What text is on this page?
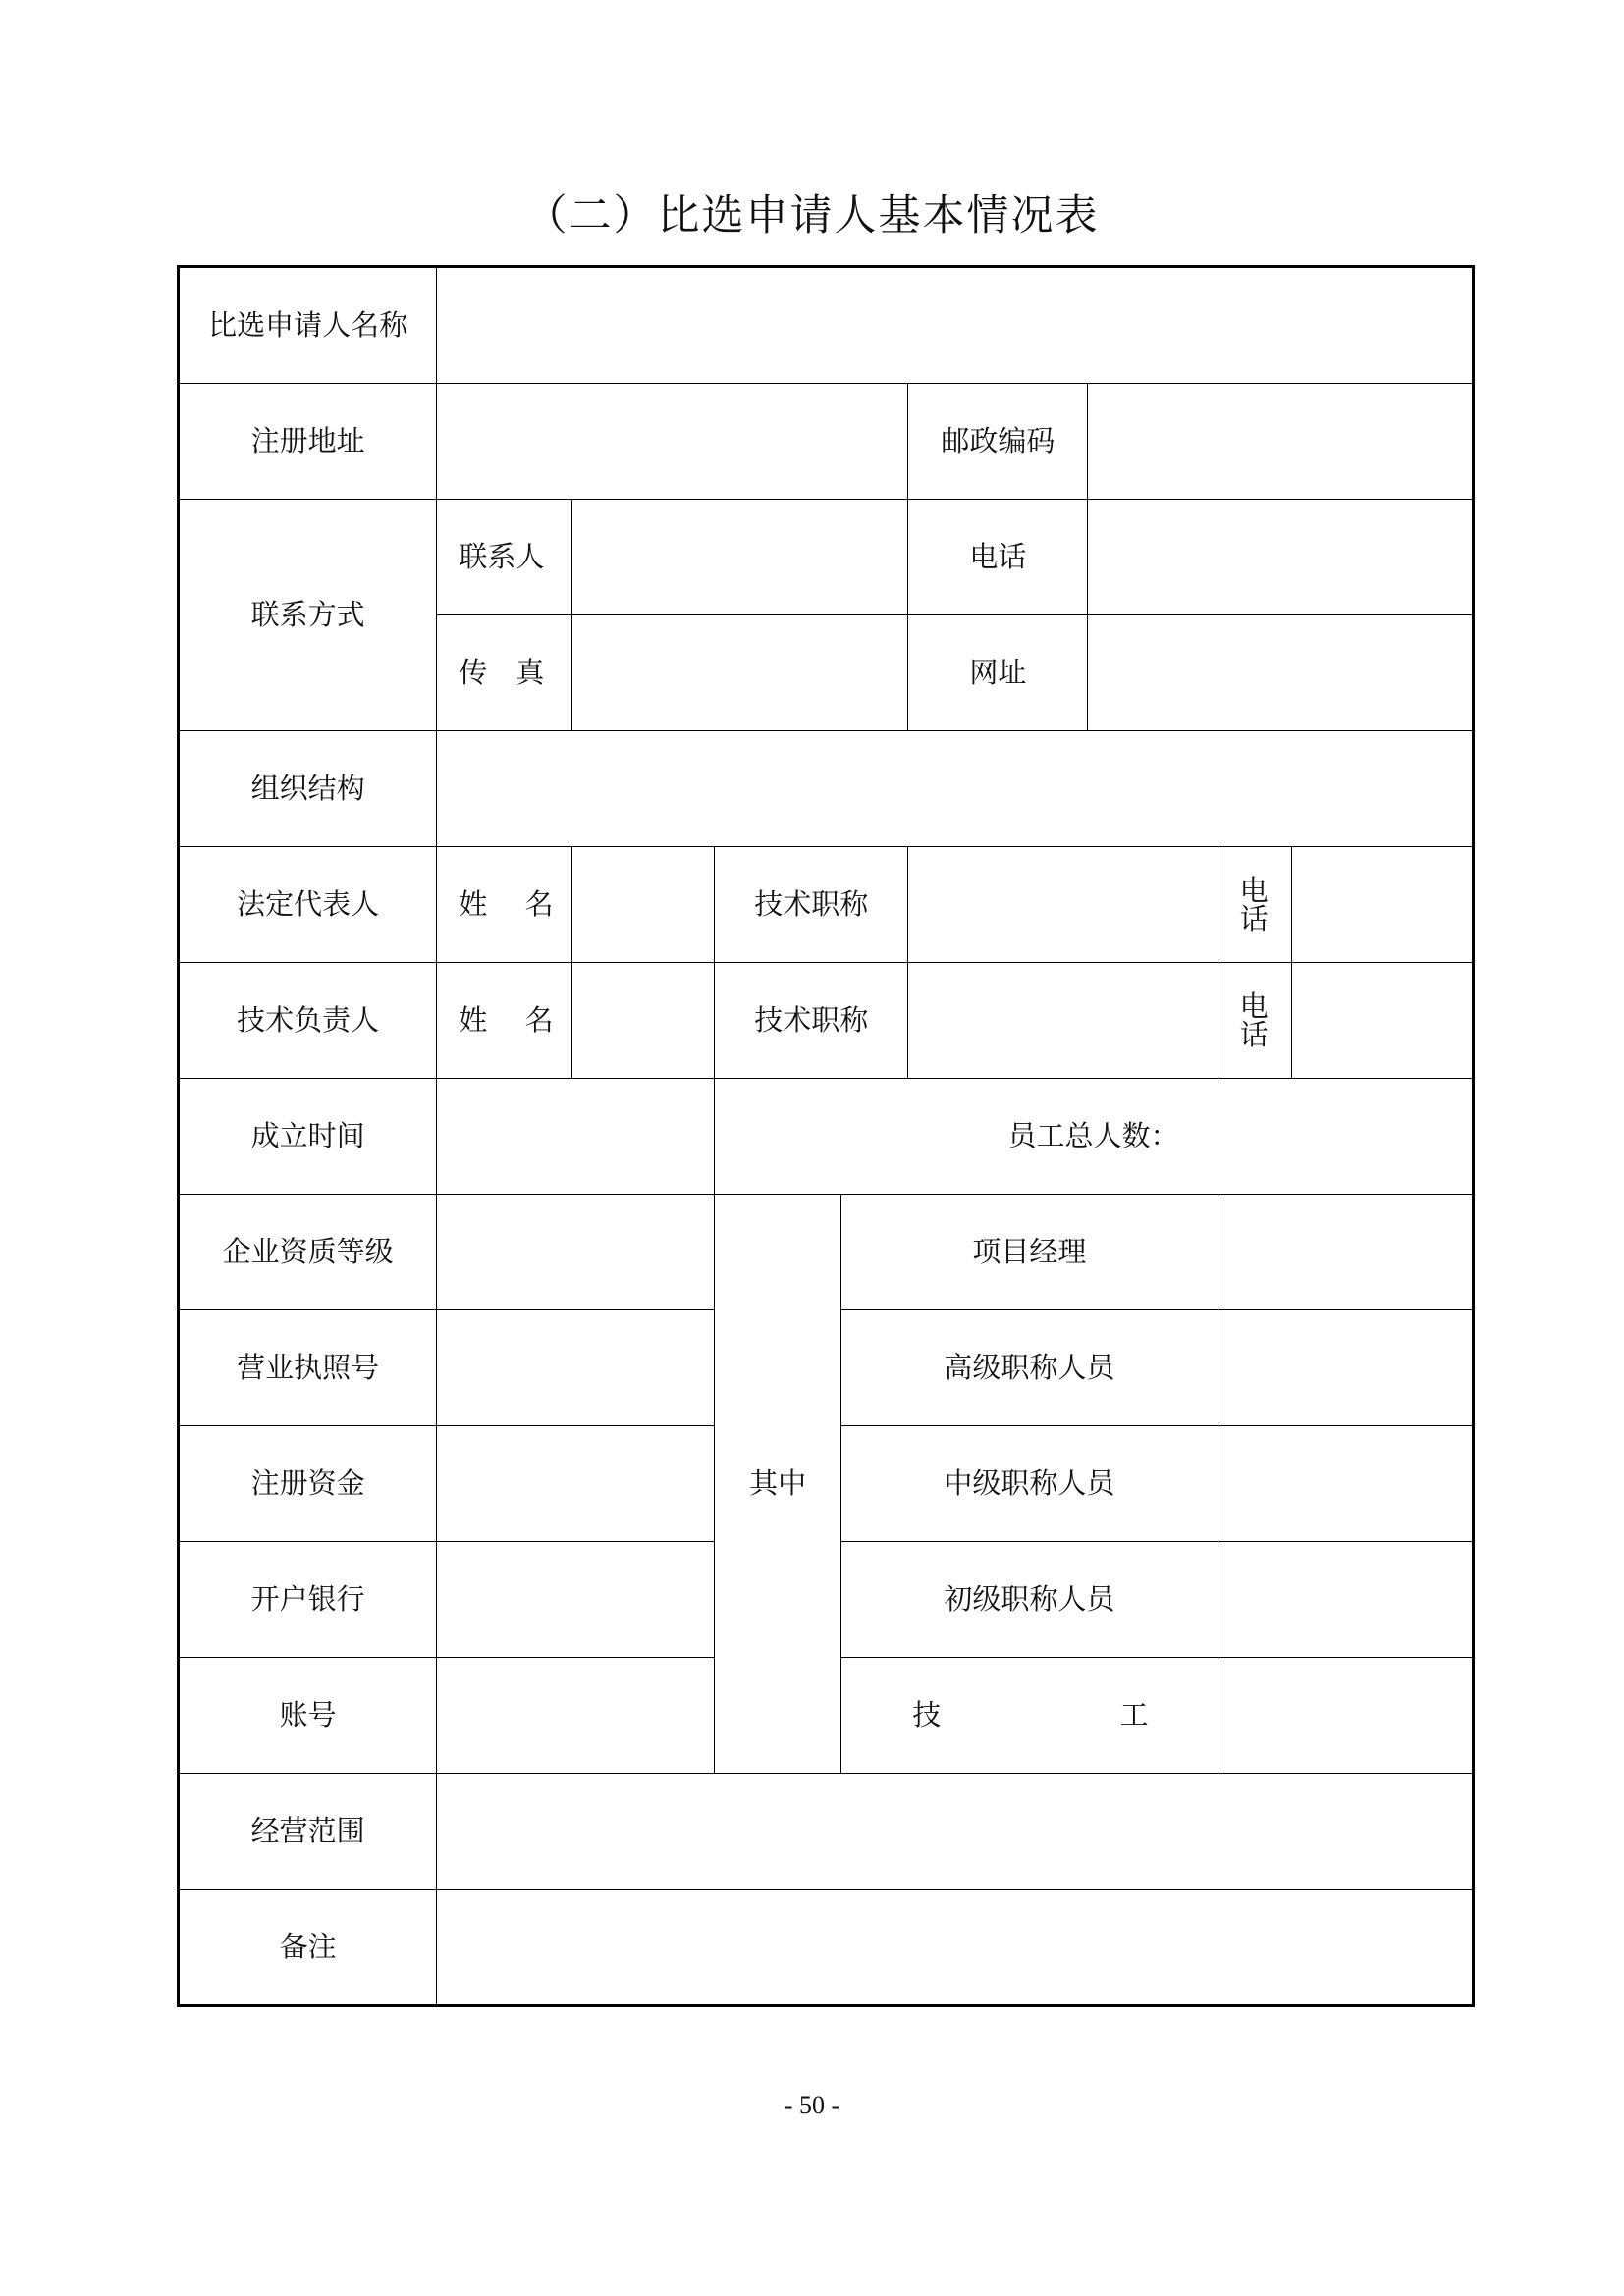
（二）比选申请人基本情况表
比选申请人名称								
注册地址					邮政编码			
联系方式	联系人				电话			
	传　真				网址			
组织结构								
法定代表人	姓　 名		技术职称				电　 话	
技术负责人	姓　 名		技术职称				电　 话	
成立时间			员工总人数：					
企业资质等级			其中	项目经理				
营业执照号				高级职称人员				
注册资金				中级职称人员				
开户银行				初级职称人员				
账号				技 工				

经营范围								
备注								
- 50 -
